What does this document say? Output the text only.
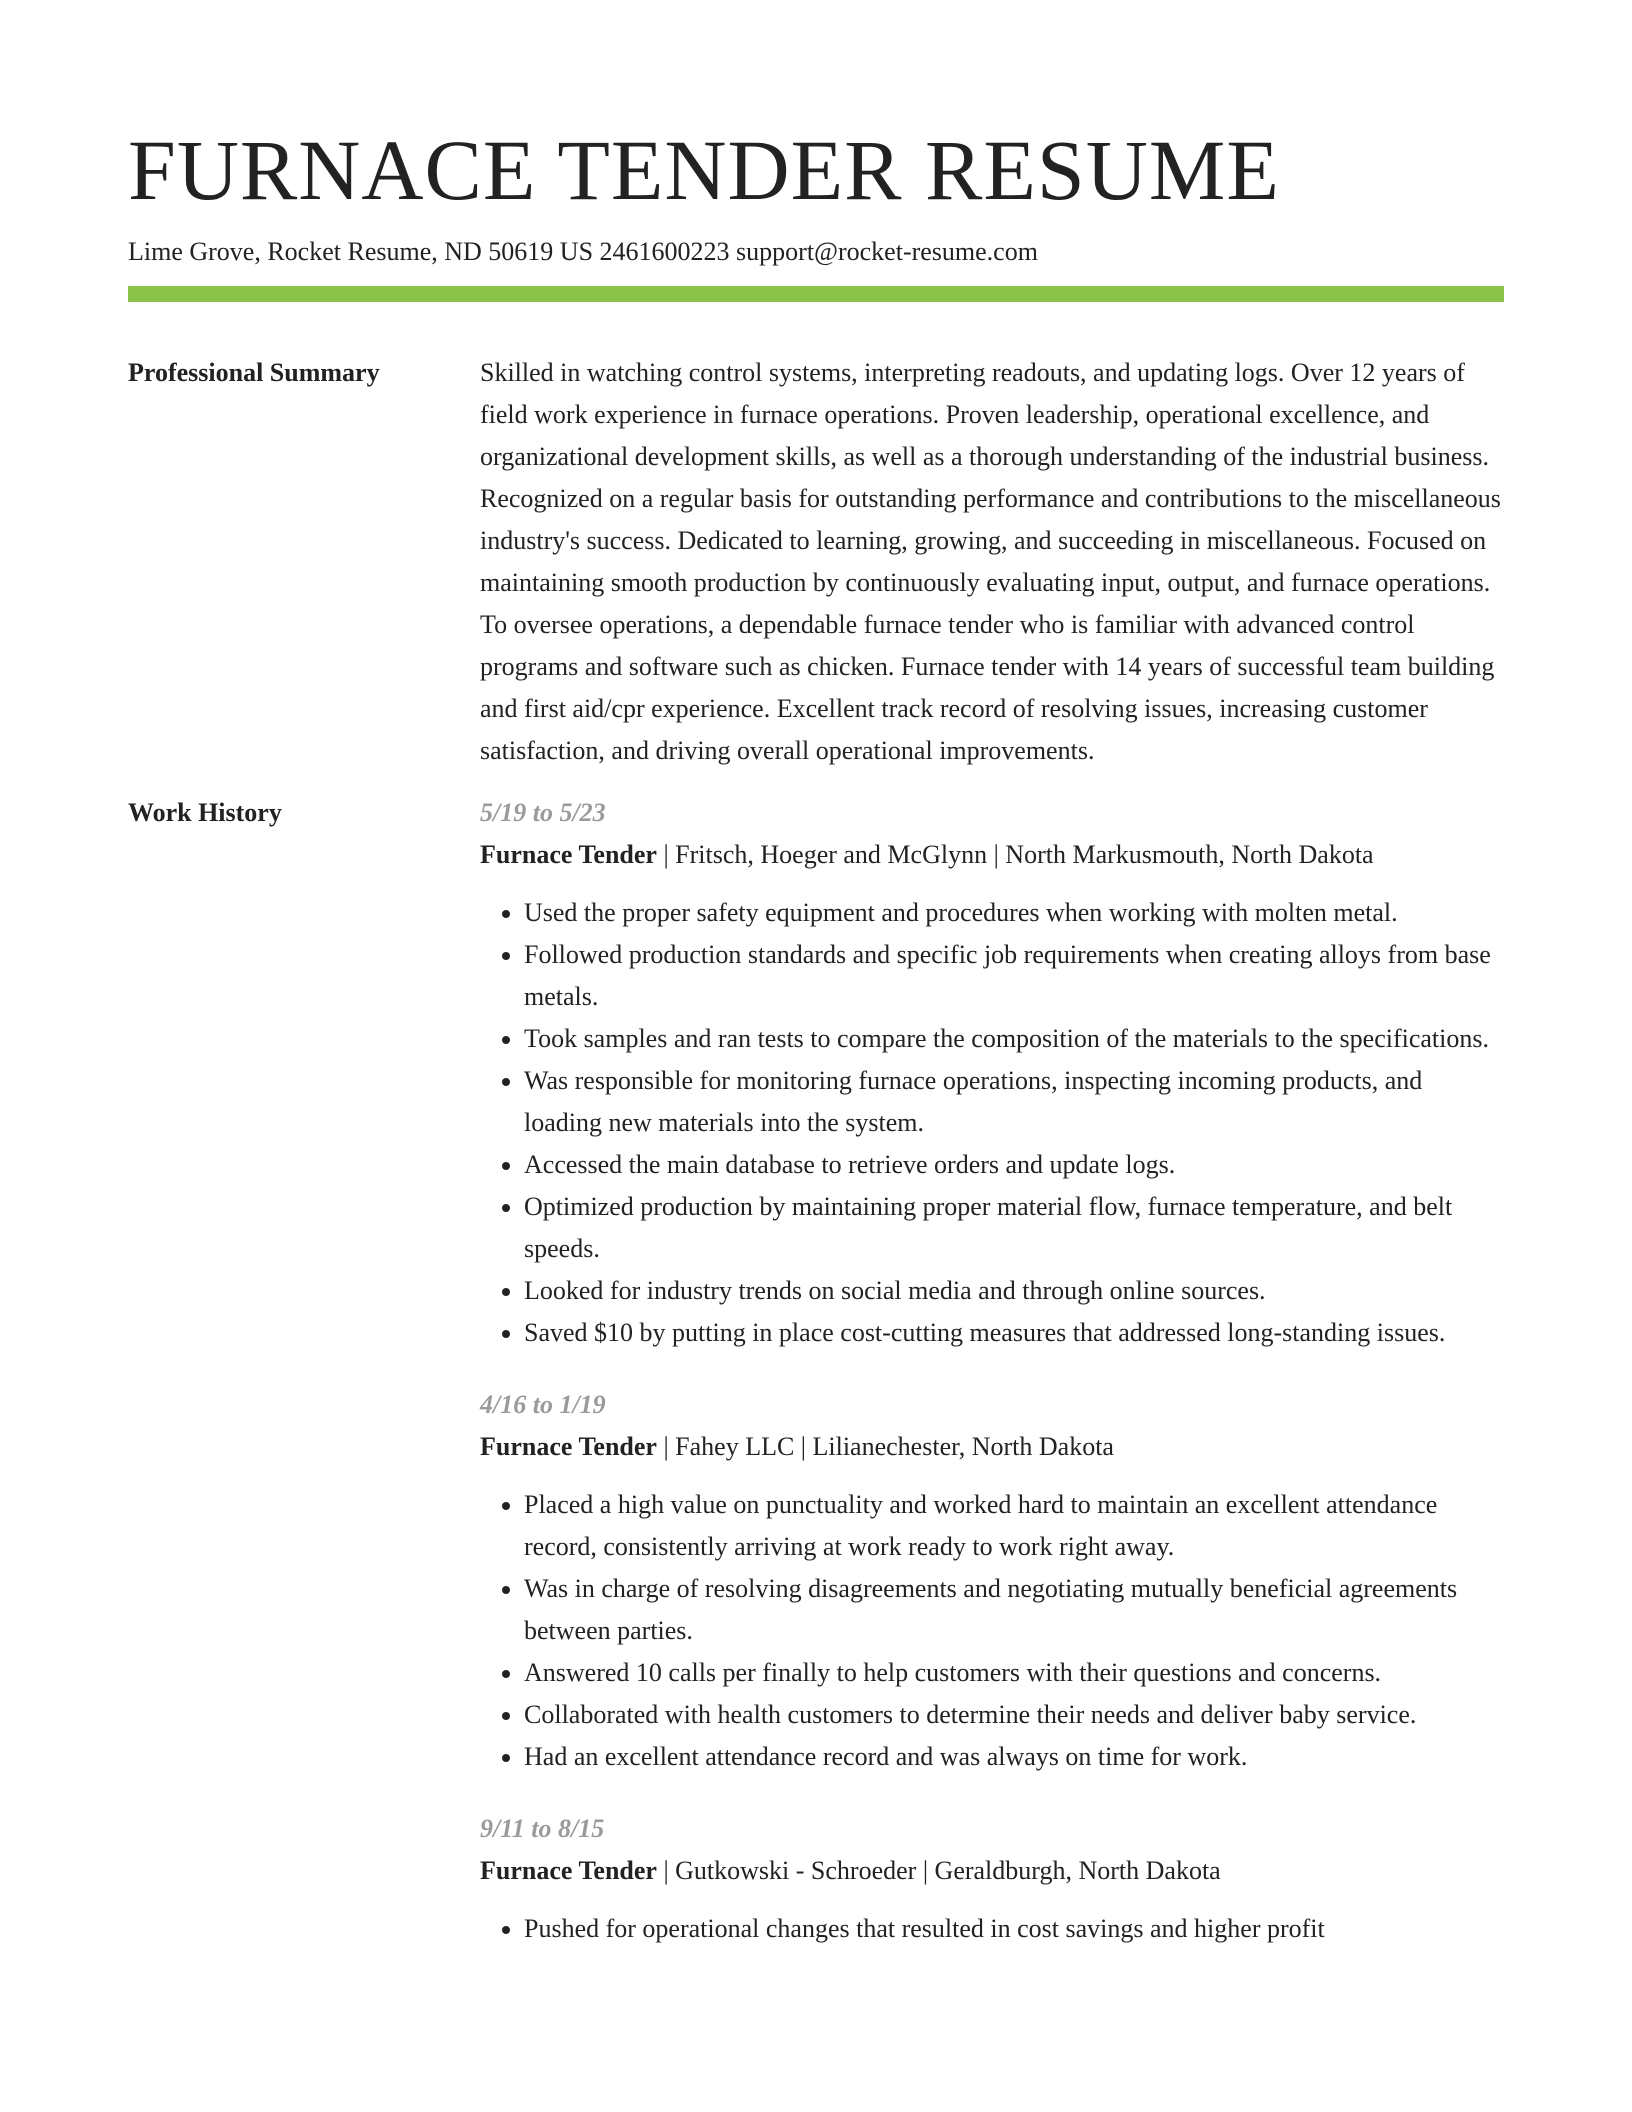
FURNACE TENDER RESUME
Lime Grove, Rocket Resume, ND 50619 US 2461600223 support@rocket-resume.com
Professional Summary	Skilled in watching control systems, interpreting readouts, and updating logs. Over 12 years of field work experience in furnace operations. Proven leadership, operational excellence, and organizational development skills, as well as a thorough understanding of the industrial business. Recognized on a regular basis for outstanding performance and contributions to the miscellaneous industry's success. Dedicated to learning, growing, and succeeding in miscellaneous. Focused on maintaining smooth production by continuously evaluating input, output, and furnace operations. To oversee operations, a dependable furnace tender who is familiar with advanced control programs and software such as chicken. Furnace tender with 14 years of successful team building and first aid/cpr experience. Excellent track record of resolving issues, increasing customer satisfaction, and driving overall operational improvements.

Work History	5/19 to 5/23
Furnace Tender | Fritsch, Hoeger and McGlynn | North Markusmouth, North Dakota
• Used the proper safety equipment and procedures when working with molten metal.
• Followed production standards and specific job requirements when creating alloys from base metals.
• Took samples and ran tests to compare the composition of the materials to the specifications.
• Was responsible for monitoring furnace operations, inspecting incoming products, and loading new materials into the system.
• Accessed the main database to retrieve orders and update logs.
• Optimized production by maintaining proper material flow, furnace temperature, and belt speeds.
• Looked for industry trends on social media and through online sources.
• Saved $10 by putting in place cost-cutting measures that addressed long-standing issues.
4/16 to 1/19
Furnace Tender | Fahey LLC | Lilianechester, North Dakota
• Placed a high value on punctuality and worked hard to maintain an excellent attendance record, consistently arriving at work ready to work right away.
• Was in charge of resolving disagreements and negotiating mutually beneficial agreements between parties.
• Answered 10 calls per finally to help customers with their questions and concerns.
• Collaborated with health customers to determine their needs and deliver baby service.
• Had an excellent attendance record and was always on time for work.
9/11 to 8/15
Furnace Tender | Gutkowski - Schroeder | Geraldburgh, North Dakota
• Pushed for operational changes that resulted in cost savings and higher profit
